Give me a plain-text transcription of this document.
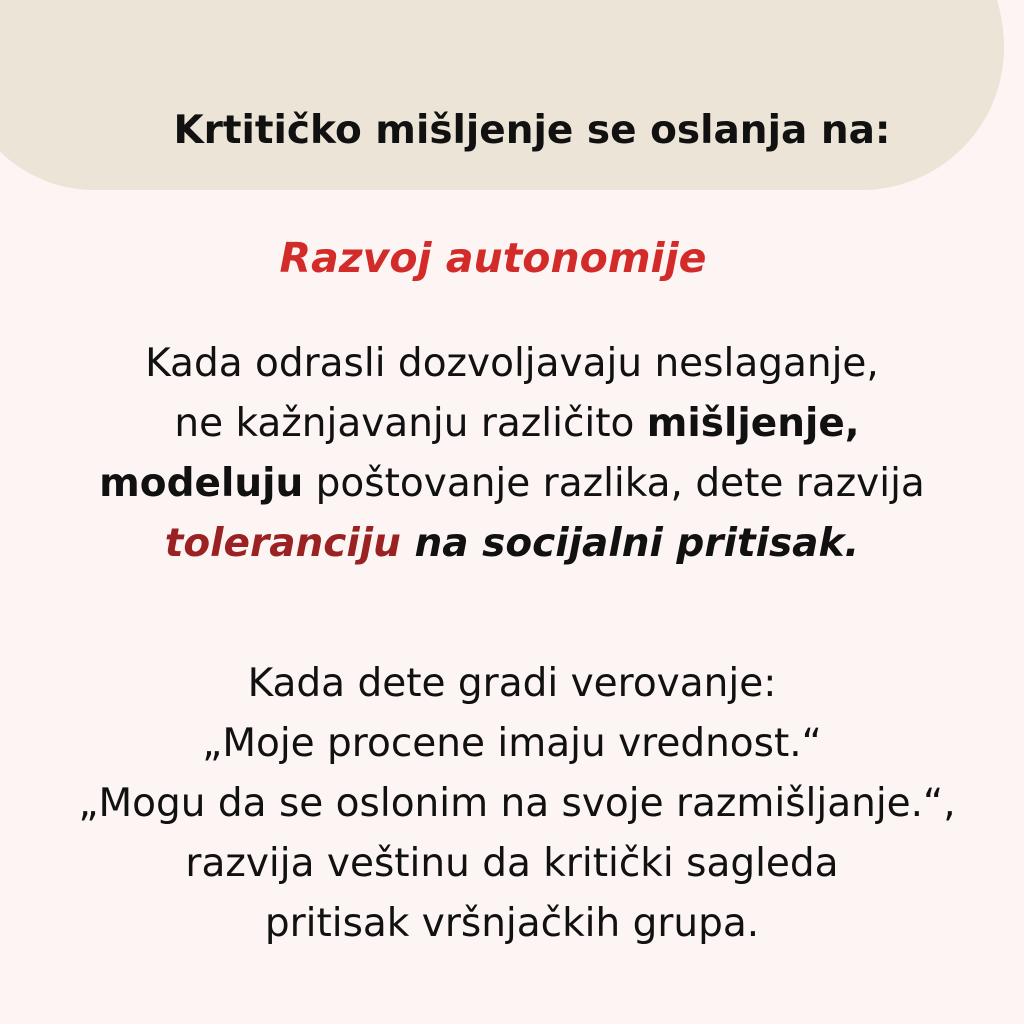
Krtitičko mišljenje se oslanja na:
Razvoj autonomije

Kada odrasli dozvoljavaju neslaganje,
ne kažnjavanju različito mišljenje,
modeluju poštovanje razlika, dete razvija
toleranciju na socijalni pritisak.

Kada dete gradi verovanje:
„Moje procene imaju vrednost.“
„Mogu da se oslonim na svoje razmišljanje.“,
razvija veštinu da kritički sagleda
pritisak vršnjačkih grupa.
